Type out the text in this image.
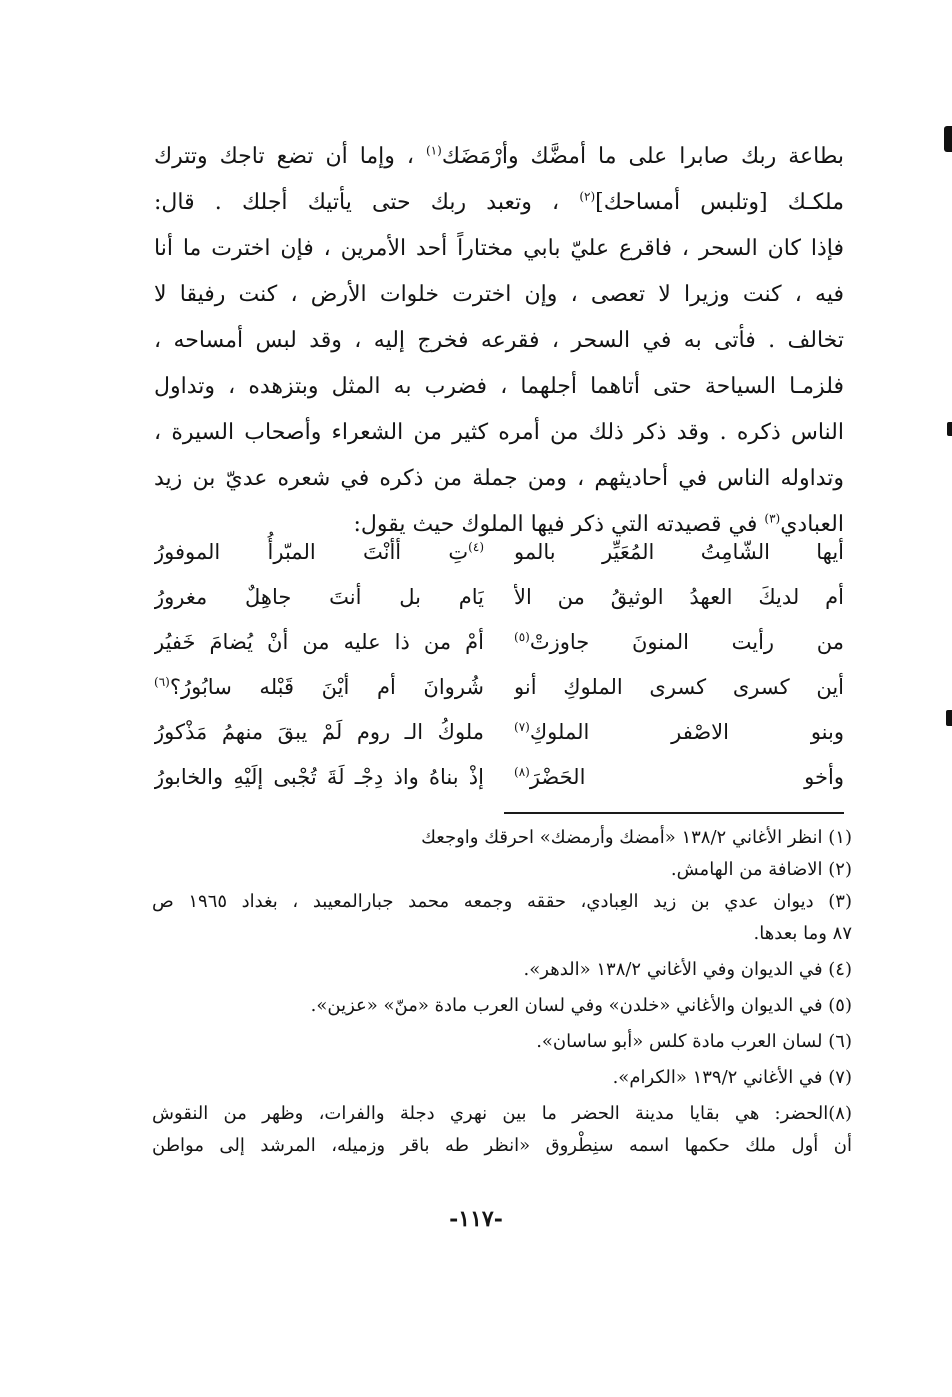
بطاعة ربك صابرا على ما أمضَّك وأرْمَضَك$^{(١)}$ ، وإما أن تضع تاجك وتترك
ملكـك [وتلبس أمساحك]$^{(٢)}$ ، وتعبد ربك حتى يأتيك أجلك . قال:
فإذا كان السحر ، فاقرع عليّ بابي مختاراً أحد الأمرين ، فإن اخترت ما أنا
فيه ، كنت وزيرا لا تعصى ، وإن اخترت خلوات الأرض ، كنت رفيقا لا
تخالف . فأتى به في السحر ، فقرعه فخرج إليه ، وقد لبس أمساحه ،
فلزمـا السياحة حتى أتاهما أجلهما ، فضرب به المثل وبتزهده ، وتداول
الناس ذكره . وقد ذكر ذلك من أمره كثير من الشعراء وأصحاب السيرة ،
وتداوله الناس في أحاديثهم ، ومن جملة من ذكره في شعره عديّ بن زيد
العبادي$^{(٣)}$ في قصيدته التي ذكر فيها الملوك حيث يقول:
أيها الشّامِتُ المُعَيِّر بالمو
$^{(٤)}$تِ أأنْتَ المبّرأُ الموفورُ
أم لديكَ العهدُ الوثيقُ من الأ
يَام بل أنتَ جاهِلٌ مغرورُ
من رأيت المنونَ جاوزتْ$^{(٥)}$
أمْ من ذا عليه من أنْ يُضامَ خَفيُر
أين كسرى كسرى الملوكِ أنو
شُروانَ أم أيْنَ قَبْله سابُورُ؟$^{(٦)}$
وبنو الاصْفر الملوكِ$^{(٧)}$
ملوكُ الـ روم لَمْ يبقَ منهمُ مَذْكورُ
وأخو الحَضْرَ$^{(٨)}$
إذْ بناهُ واذ دِجْـ لَةَ تُجْبى إلَيْهِ والخابورُ
(١) انظر الأغاني ١٣٨/٢ «أمضك وأرمضك» احرقك واوجعك
(٢) الاضافة من الهامش.
(٣) ديوان عدي بن زيد العِبادي، حققه وجمعه محمد جبارالمعيبد ، بغداد ١٩٦٥ ص
٨٧ وما بعدها.
(٤) في الديوان وفي الأغاني ١٣٨/٢ «الدهر».
(٥) في الديوان والأغاني «خلدن» وفي لسان العرب مادة «منّ» «عزين».
(٦) لسان العرب مادة كلس «أبو ساسان».
(٧) في الأغاني ١٣٩/٢ «الكرام».
(٨)الحضر: هي بقايا مدينة الحضر ما بين نهري دجلة والفرات، وظهر من النقوش
أن أول ملك حكمها اسمه سنِطْروق «انظر طه باقر وزميله، المرشد إلى مواطن
-١١٧-
